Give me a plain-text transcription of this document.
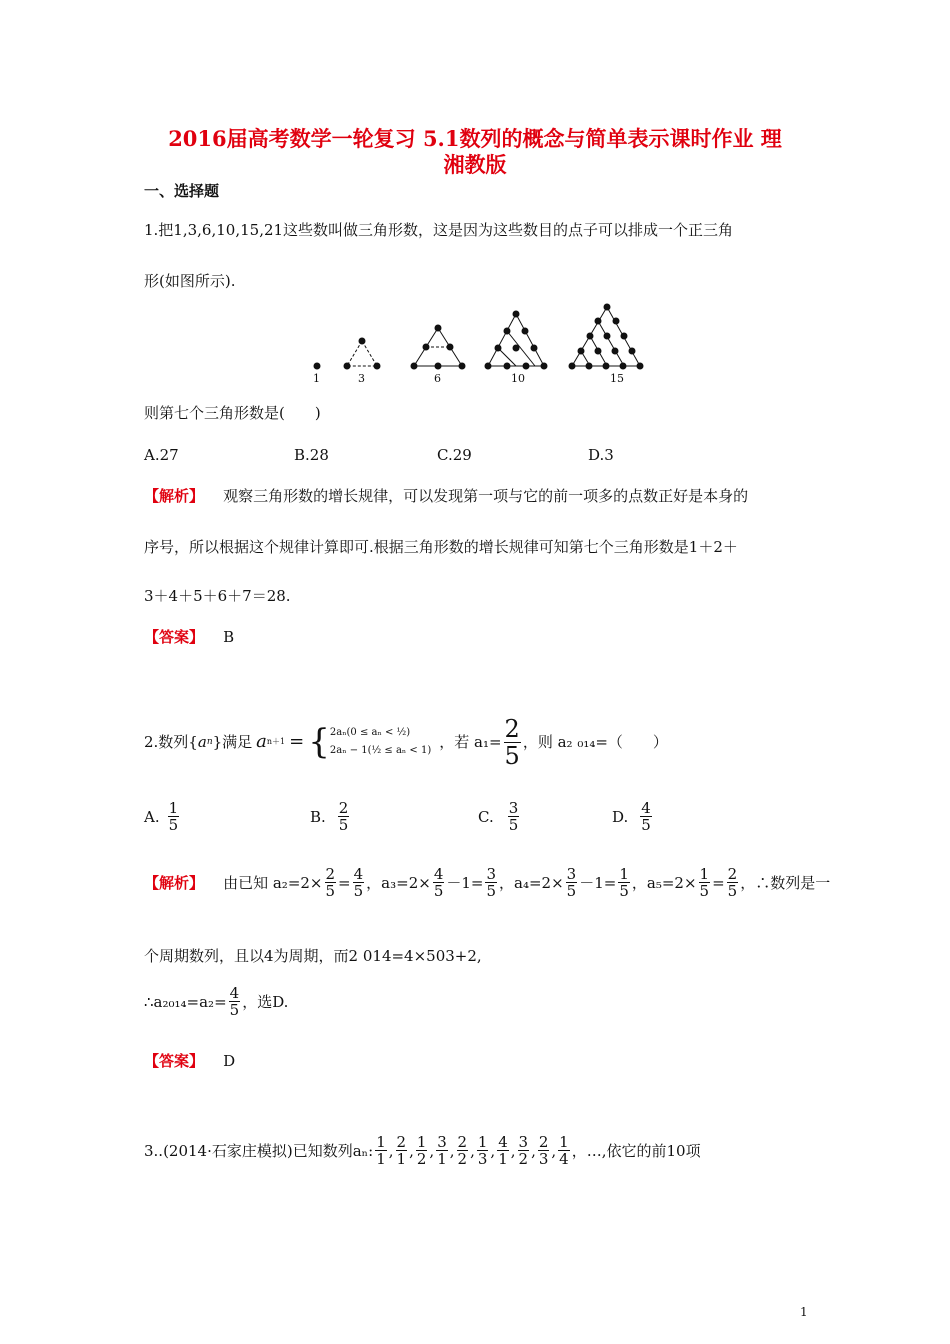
2016届高考数学一轮复习 5.1数列的概念与简单表示课时作业 理
湘教版
一、选择题
1.把1,3,6,10,15,21这些数叫做三角形数，这是因为这些数目的点子可以排成一个正三角
形(如图所示).
1	3	6	10	15
则第七个三角形数是(　　)
A.27	B.28	C.29	D.3
【解析】 观察三角形数的增长规律，可以发现第一项与它的前一项多的点数正好是本身的
序号，所以根据这个规律计算即可.根据三角形数的增长规律可知第七个三角形数是1＋2＋
3＋4＋5＋6＋7＝28.
【答案】 B
2.数列{ a n }满足 a n＋1 = { 2aₙ(0 ≤ aₙ < ½)
2aₙ − 1(½ ≤ aₙ < 1) ，若 $a_1= \frac{2}{5}$ ，则 a₂ ₀₁₄=（　　）
A. $\frac{1}{5}$	B. $\frac{2}{5}$	C. $\frac{3}{5}$	D. $\frac{4}{5}$
【解析】
由已知 $a_2=2\times \frac{2}{5} = \frac{4}{5}$ ，$a_3=2\times \frac{4}{5} -1= \frac{3}{5}$ ，$a_4=2\times \frac{3}{5} -1= \frac{1}{5}$ ，$a_5=2\times \frac{1}{5} = \frac{2}{5}$ ，∴数列是一
个周期数列，且以4为周期，而2 014=4×503+2,
∴a₂₀₁₄=a₂= $\frac{4}{5}$ ，选D.
【答案】 D
3..(2014·石家庄模拟)已知数列aₙ: $\frac{1}{1}$ , $\frac{2}{1}$ , $\frac{1}{2}$ , $\frac{3}{1}$ , $\frac{2}{2}$ , $\frac{1}{3}$ , $\frac{4}{1}$ , $\frac{3}{2}$ , $\frac{2}{3}$ , $\frac{1}{4}$ ，…,依它的前10项
1
